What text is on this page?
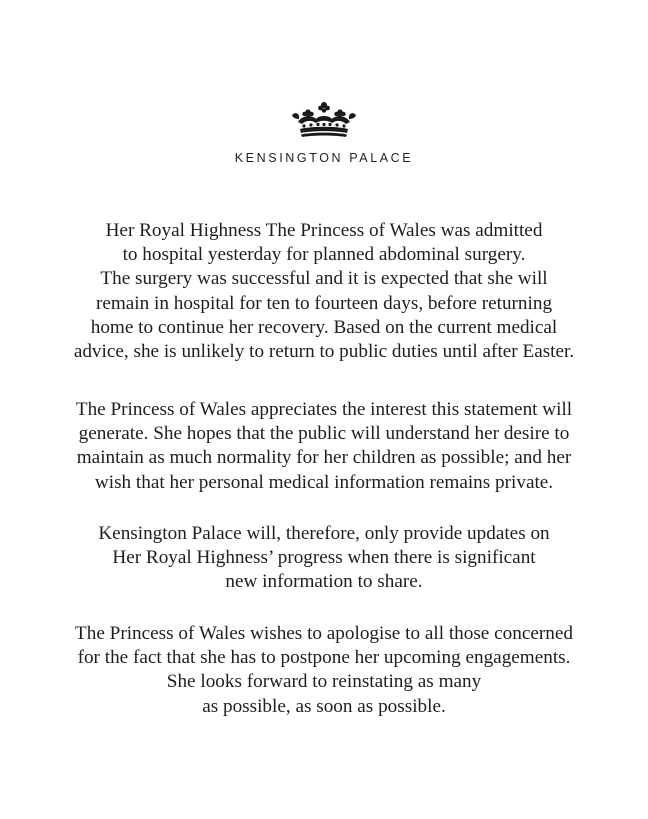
KENSINGTON PALACE
Her Royal Highness The Princess of Wales was admitted
to hospital yesterday for planned abdominal surgery.
The surgery was successful and it is expected that she will
remain in hospital for ten to fourteen days, before returning
home to continue her recovery. Based on the current medical
advice, she is unlikely to return to public duties until after Easter.
The Princess of Wales appreciates the interest this statement will
generate. She hopes that the public will understand her desire to
maintain as much normality for her children as possible; and her
wish that her personal medical information remains private.
Kensington Palace will, therefore, only provide updates on
Her Royal Highness’ progress when there is significant
new information to share.
The Princess of Wales wishes to apologise to all those concerned
for the fact that she has to postpone her upcoming engagements.
She looks forward to reinstating as many
as possible, as soon as possible.
